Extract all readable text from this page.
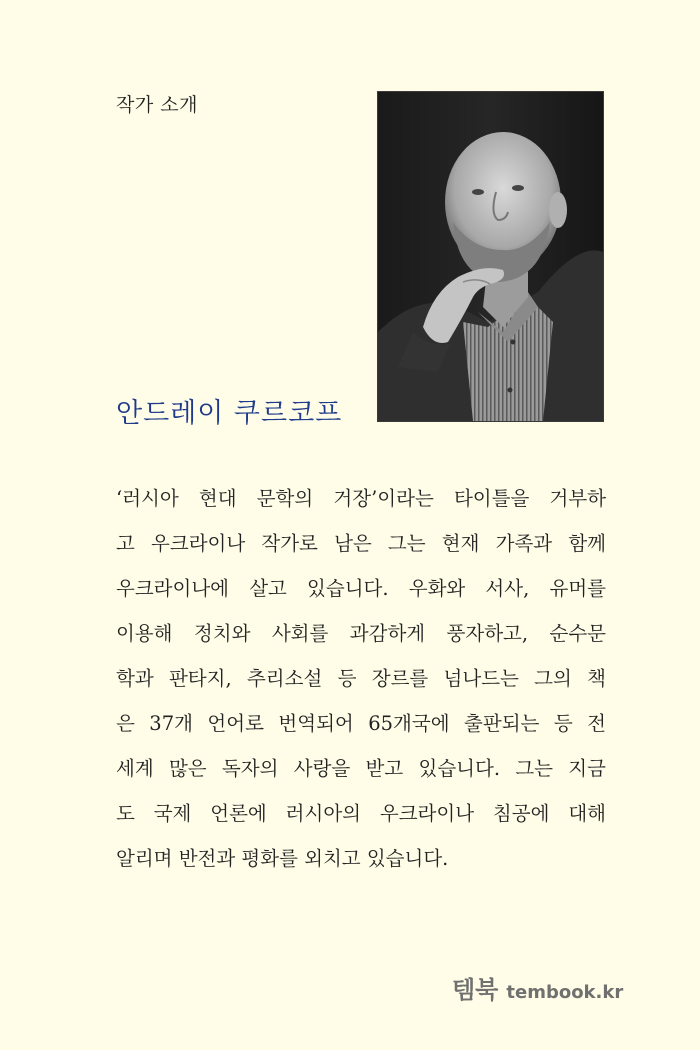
작가 소개
안드레이 쿠르코프
‘러시아 현대 문학의 거장’이라는 타이틀을 거부하
고 우크라이나 작가로 남은 그는 현재 가족과 함께
우크라이나에 살고 있습니다. 우화와 서사, 유머를
이용해 정치와 사회를 과감하게 풍자하고, 순수문
학과 판타지, 추리소설 등 장르를 넘나드는 그의 책
은 37개 언어로 번역되어 65개국에 출판되는 등 전
세계 많은 독자의 사랑을 받고 있습니다. 그는 지금
도 국제 언론에 러시아의 우크라이나 침공에 대해
알리며 반전과 평화를 외치고 있습니다.
템북 tembook.kr
